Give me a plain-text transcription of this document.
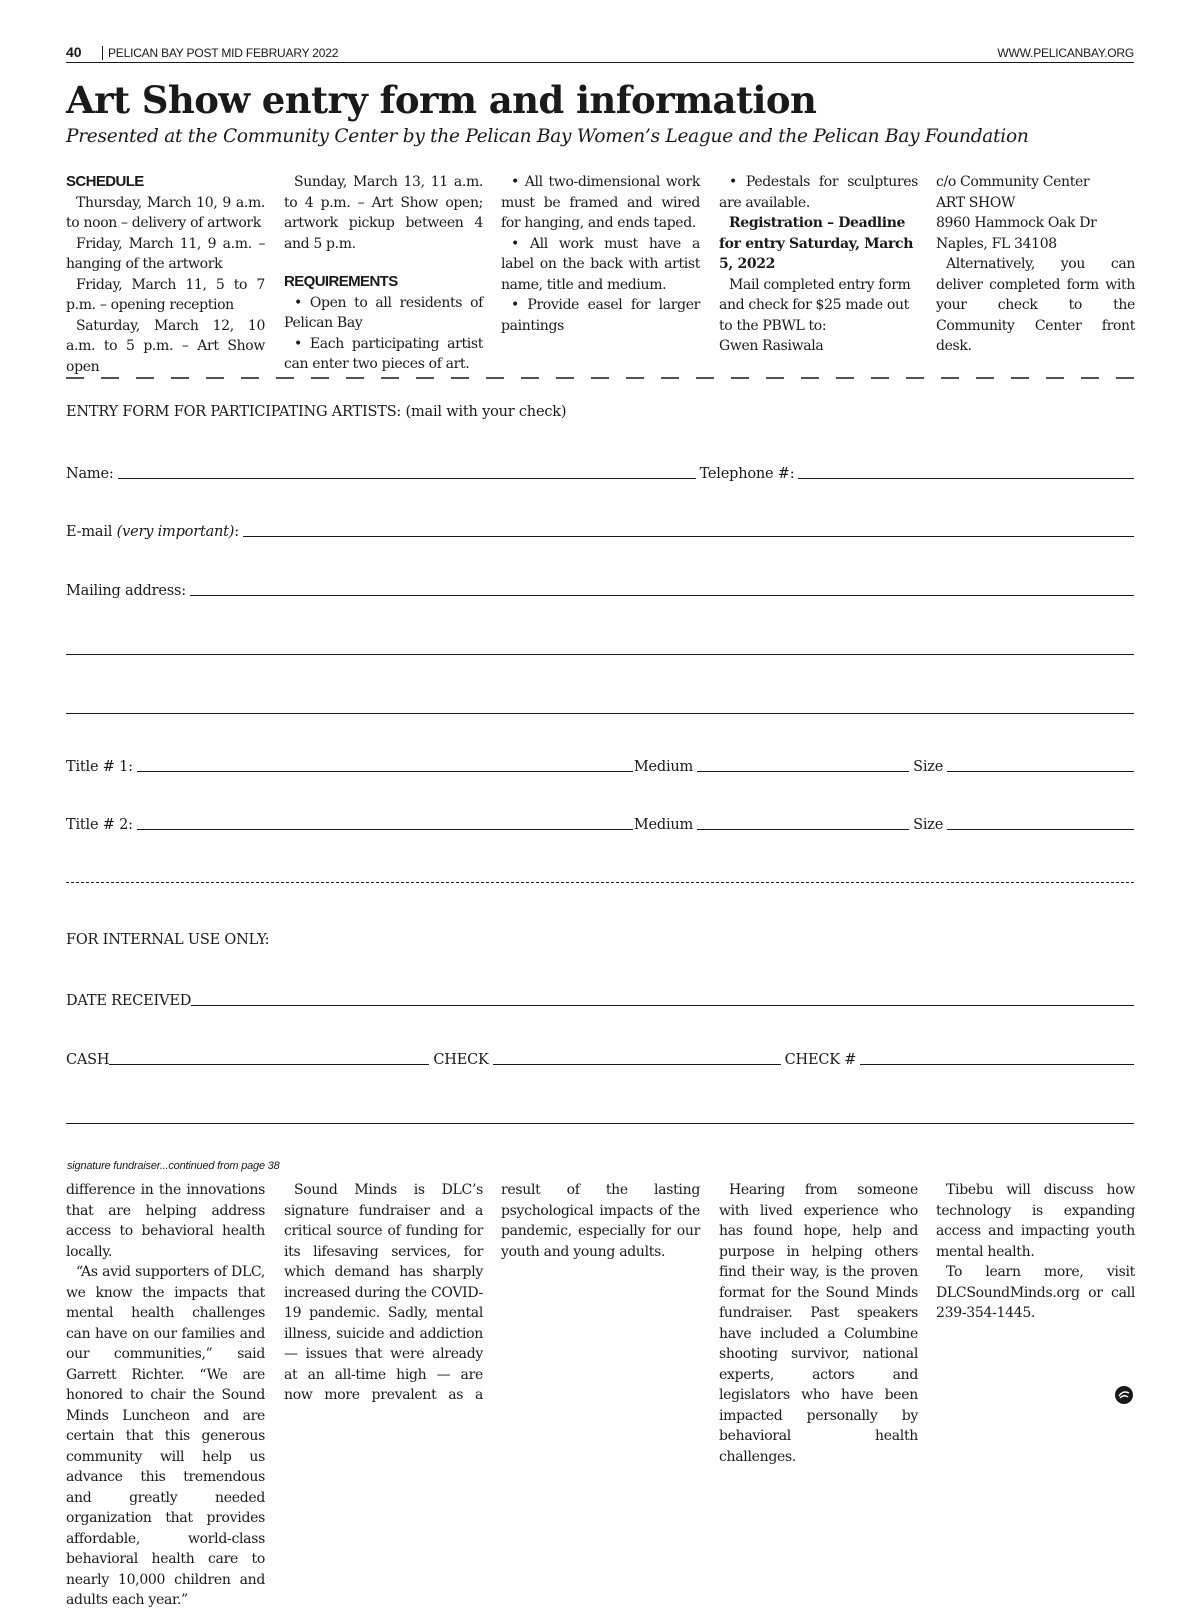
40	PELICAN BAY POST MID FEBRUARY 2022	WWW.PELICANBAY.ORG
Art Show entry form and information
Presented at the Community Center by the Pelican Bay Women’s League and the Pelican Bay Foundation

SCHEDULE

Thursday, March 10, 9 a.m. to noon – delivery of artwork

Friday, March 11, 9 a.m. – hanging of the artwork

Friday, March 11, 5 to 7 p.m. – opening reception

Saturday, March 12, 10 a.m. to 5 p.m. – Art Show open

Sunday, March 13, 11 a.m. to 4 p.m. – Art Show open; artwork pickup between 4 and 5 p.m.

REQUIREMENTS

• Open to all residents of Pelican Bay

• Each participating artist can enter two pieces of art.

• All two-dimensional work must be framed and wired for hanging, and ends taped.

• All work must have a label on the back with artist name, title and medium.

• Provide easel for larger paintings

• Pedestals for sculptures are available.

Registration – Deadline for entry Saturday, March 5, 2022

Mail completed entry form and check for $25 made out to the PBWL to:

Gwen Rasiwala

c/o Community Center

ART SHOW

8960 Hammock Oak Dr

Naples, FL 34108

Alternatively, you can deliver completed form with your check to the Community Center front desk.

ENTRY FORM FOR PARTICIPATING ARTISTS: (mail with your check)
Name:	Telephone #:
E-mail (very important):
Mailing address:
Title # 1:	Medium	Size
Title # 2:	Medium	Size
FOR INTERNAL USE ONLY:
DATE RECEIVED
CASH	CHECK	CHECK #
signature fundraiser...continued from page 38

difference in the innovations that are helping address access to behavioral health locally.

“As avid supporters of DLC, we know the impacts that mental health challenges can have on our families and our communities,” said Garrett Richter. “We are honored to chair the Sound Minds Luncheon and are certain that this generous community will help us advance this tremendous and greatly needed organization that provides affordable, world-class behavioral health care to nearly 10,000 children and adults each year.”

Hearing from someone with lived experience who has found hope, help and purpose in helping others find their way, is the proven format for the Sound Minds fundraiser. Past speakers have included a Columbine shooting survivor, national experts, actors and legislators who have been impacted personally by behavioral health challenges.

Tibebu will discuss how technology is expanding access and impacting youth mental health.

To learn more, visit DLCSoundMinds.org or call 239-354-1445.

Sound Minds is DLC’s signature fundraiser and a critical source of funding for its lifesaving services, for which demand has sharply increased during the COVID-19 pandemic. Sadly, mental illness, suicide and addiction — issues that were already at an all-time high — are now more prevalent as a result of the lasting psychological impacts of the pandemic, especially for our youth and young adults.
